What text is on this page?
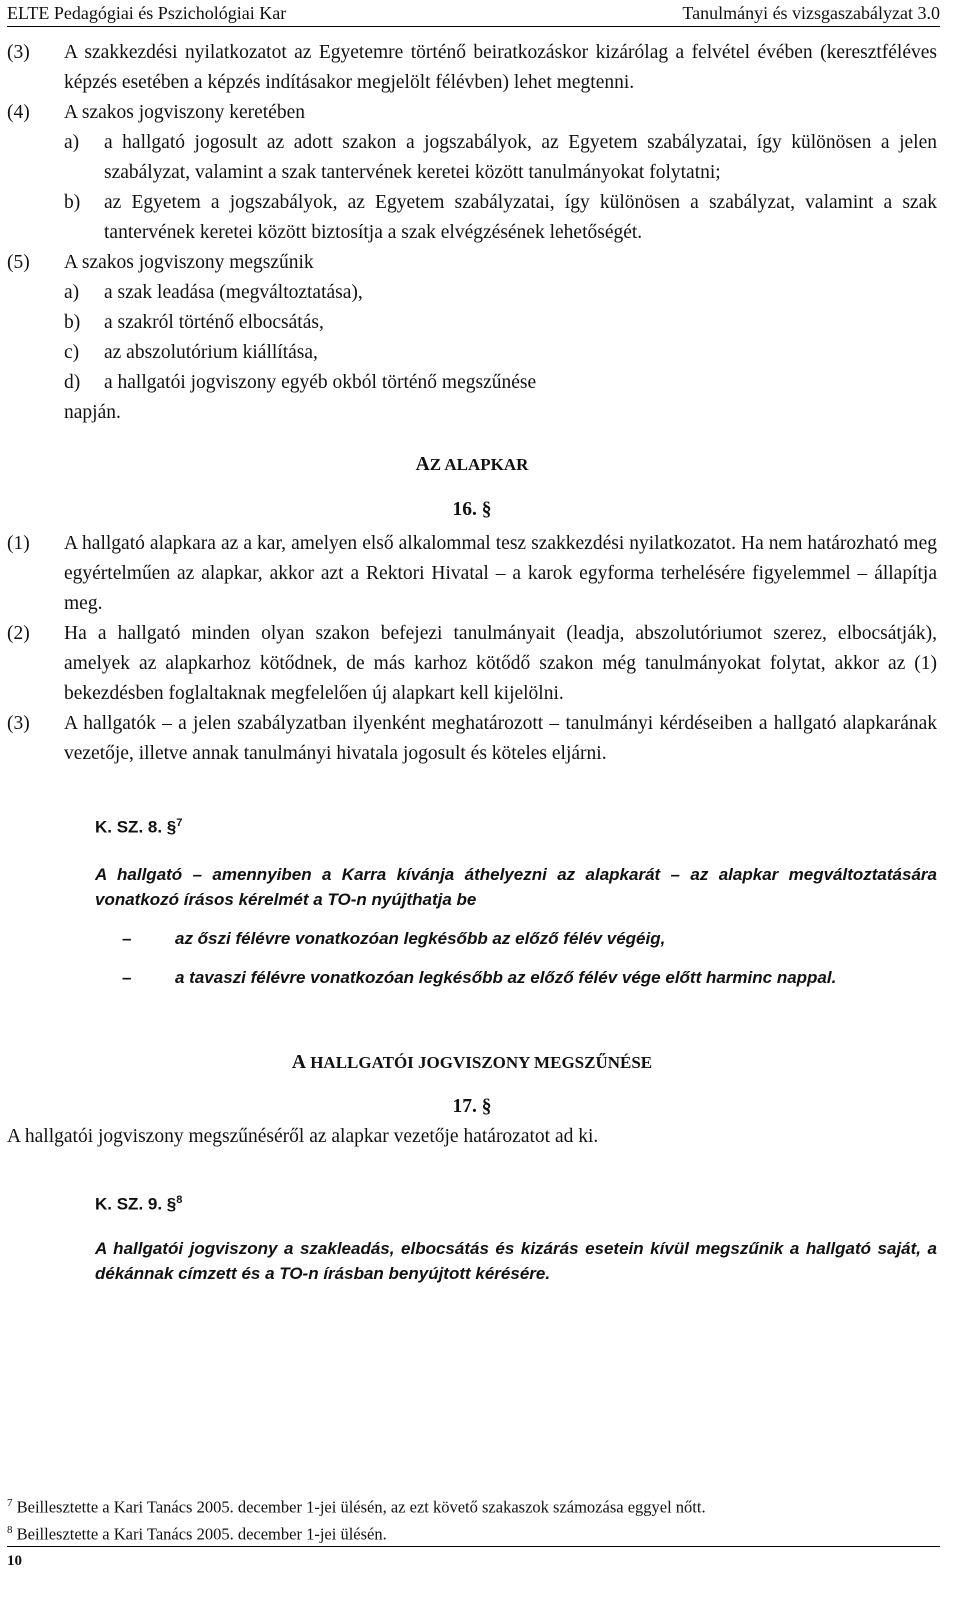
ELTE Pedagógiai és Pszichológiai Kar	Tanulmányi és vizsgaszabályzat 3.0
(3) A szakkezdési nyilatkozatot az Egyetemre történő beiratkozáskor kizárólag a felvétel évében (keresztféléves képzés esetében a képzés indításakor megjelölt félévben) lehet megtenni.
(4) A szakos jogviszony keretében
a) a hallgató jogosult az adott szakon a jogszabályok, az Egyetem szabályzatai, így különösen a jelen szabályzat, valamint a szak tantervének keretei között tanulmányokat folytatni;
b) az Egyetem a jogszabályok, az Egyetem szabályzatai, így különösen a szabályzat, valamint a szak tantervének keretei között biztosítja a szak elvégzésének lehetőségét.
(5) A szakos jogviszony megszűnik
a) a szak leadása (megváltoztatása),
b) a szakról történő elbocsátás,
c) az abszolutórium kiállítása,
d) a hallgatói jogviszony egyéb okból történő megszűnése
napján.
AZ ALAPKAR
16. §
(1) A hallgató alapkara az a kar, amelyen első alkalommal tesz szakkezdési nyilatkozatot. Ha nem határozható meg egyértelműen az alapkar, akkor azt a Rektori Hivatal – a karok egyforma terhelésére figyelemmel – állapítja meg.
(2) Ha a hallgató minden olyan szakon befejezi tanulmányait (leadja, abszolutóriumot szerez, elbocsátják), amelyek az alapkarhoz kötődnek, de más karhoz kötődő szakon még tanulmányokat folytat, akkor az (1) bekezdésben foglaltaknak megfelelően új alapkart kell kijelölni.
(3) A hallgatók – a jelen szabályzatban ilyenként meghatározott – tanulmányi kérdéseiben a hallgató alapkarának vezetője, illetve annak tanulmányi hivatala jogosult és köteles eljárni.
K. SZ. 8. §$^7$
A hallgató – amennyiben a Karra kívánja áthelyezni az alapkarát – az alapkar megváltoztatására vonatkozó írásos kérelmét a TO-n nyújthatja be
–	az őszi félévre vonatkozóan legkésőbb az előző félév végéig,
–	a tavaszi félévre vonatkozóan legkésőbb az előző félév vége előtt harminc nappal.
A HALLGATÓI JOGVISZONY MEGSZŰNÉSE
17. §
A hallgatói jogviszony megszűnéséről az alapkar vezetője határozatot ad ki.
K. SZ. 9. §$^8$
A hallgatói jogviszony a szakleadás, elbocsátás és kizárás esetein kívül megszűnik a hallgató saját, a dékánnak címzett és a TO-n írásban benyújtott kérésére.
$^7$ Beillesztette a Kari Tanács 2005. december 1-jei ülésén, az ezt követő szakaszok számozása eggyel nőtt.
$^8$ Beillesztette a Kari Tanács 2005. december 1-jei ülésén.
10
